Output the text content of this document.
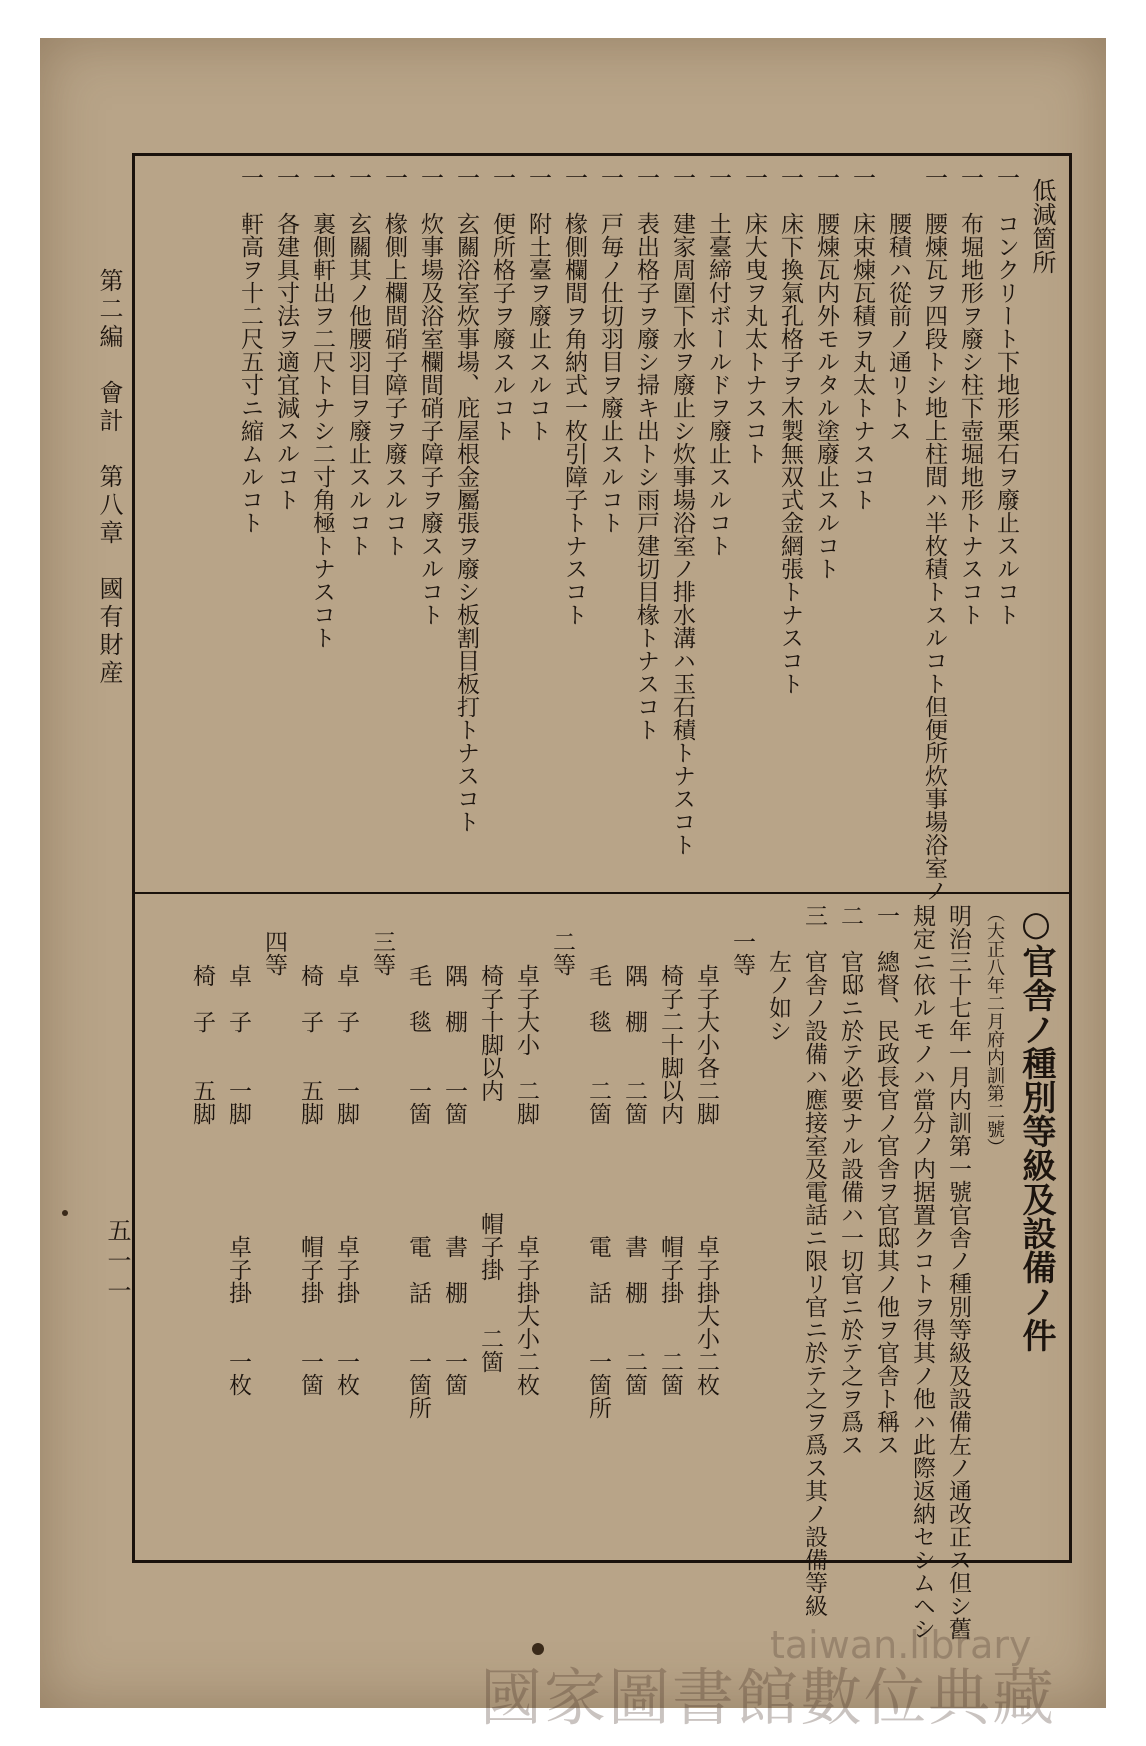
第二編　會計　第八章　國有財産
五一一
低減箇所
一　コンクリート下地形栗石ヲ廢止スルコト
一　布堀地形ヲ廢シ柱下壺堀地形トナスコト
一　腰煉瓦ヲ四段トシ地上柱間ハ半枚積トスルコト但便所炊事場浴室ノ
　　腰積ハ從前ノ通リトス
一　床束煉瓦積ヲ丸太トナスコト
一　腰煉瓦内外モルタル塗廢止スルコト
一　床下換氣孔格子ヲ木製無双式金網張トナスコト
一　床大曳ヲ丸太トナスコト
一　土臺締付ボールドヲ廢止スルコト
一　建家周圍下水ヲ廢止シ炊事場浴室ノ排水溝ハ玉石積トナスコト
一　表出格子ヲ廢シ掃キ出トシ雨戸建切目椽トナスコト
一　戸毎ノ仕切羽目ヲ廢止スルコト
一　椽側欄間ヲ角納式一枚引障子トナスコト
一　附土臺ヲ廢止スルコト
一　便所格子ヲ廢スルコト
一　玄關浴室炊事場、庇屋根金屬張ヲ廢シ板割目板打トナスコト
一　炊事場及浴室欄間硝子障子ヲ廢スルコト
一　椽側上欄間硝子障子ヲ廢スルコト
一　玄關其ノ他腰羽目ヲ廢止スルコト
一　裏側軒出ヲ二尺トナシ二寸角極トナスコト
一　各建具寸法ヲ適宜減スルコト
一　軒高ヲ十二尺五寸ニ縮ムルコト
○官舎ノ種別等級及設備ノ件
（大正八年二月府内訓第二號）
明治三十七年一月内訓第一號官舎ノ種別等級及設備左ノ通改正ス但シ舊
規定ニ依ルモノハ當分ノ内据置クコトヲ得其ノ他ハ此際返納セシムヘシ
一　總督、民政長官ノ官舎ヲ官邸其ノ他ヲ官舎ト稱ス
二　官邸ニ於テ必要ナル設備ハ一切官ニ於テ之ヲ爲ス
三　官舎ノ設備ハ應接室及電話ニ限リ官ニ於テ之ヲ爲ス其ノ設備等級
　　左ノ如シ
一等
卓子大小各二脚卓子掛大小二枚
椅子二十脚以内帽子掛　　二箇
隅　棚　　二箇書　棚　　二箇
毛　毯　　二箇電　話　　一箇所
二等
卓子大小　二脚卓子掛大小二枚
椅子十脚以内帽子掛　　二箇
隅　棚　　一箇書　棚　　一箇
毛　毯　　一箇電　話　　一箇所
三等
卓　子　　一脚卓子掛　　一枚
椅　子　　五脚帽子掛　　一箇
四等
卓　子　　一脚卓子掛　　一枚
椅　子　　五脚
taiwan.library
國家圖書館數位典藏
